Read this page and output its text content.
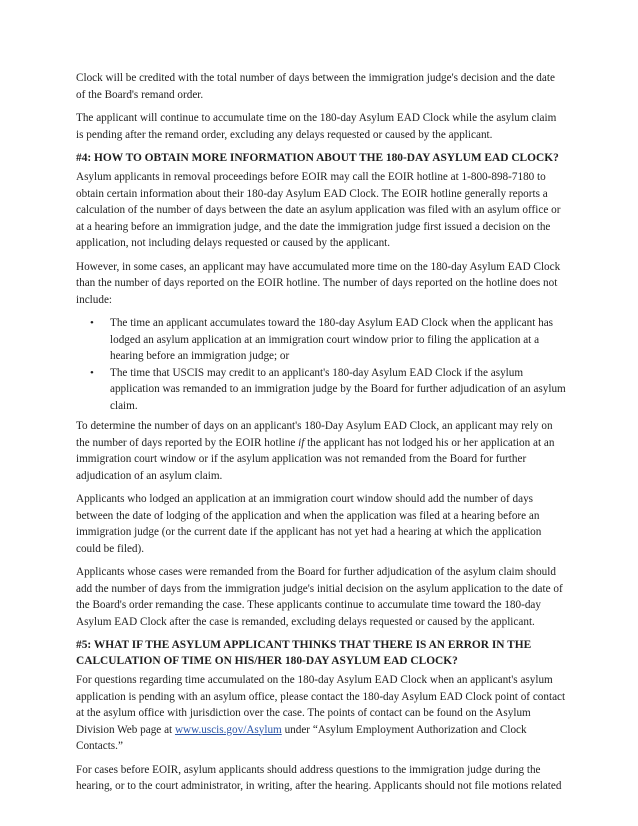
Clock will be credited with the total number of days between the immigration judge's decision and the date of the Board's remand order.

The applicant will continue to accumulate time on the 180-day Asylum EAD Clock while the asylum claim is pending after the remand order, excluding any delays requested or caused by the applicant.

#4: HOW TO OBTAIN MORE INFORMATION ABOUT THE 180-DAY ASYLUM EAD CLOCK?

Asylum applicants in removal proceedings before EOIR may call the EOIR hotline at 1-800-898-7180 to obtain certain information about their 180-day Asylum EAD Clock. The EOIR hotline generally reports a calculation of the number of days between the date an asylum application was filed with an asylum office or at a hearing before an immigration judge, and the date the immigration judge first issued a decision on the application, not including delays requested or caused by the applicant.

However, in some cases, an applicant may have accumulated more time on the 180-day Asylum EAD Clock than the number of days reported on the EOIR hotline. The number of days reported on the hotline does not include:

• The time an applicant accumulates toward the 180-day Asylum EAD Clock when the applicant has lodged an asylum application at an immigration court window prior to filing the application at a hearing before an immigration judge; or
• The time that USCIS may credit to an applicant's 180-day Asylum EAD Clock if the asylum application was remanded to an immigration judge by the Board for further adjudication of an asylum claim.

To determine the number of days on an applicant's 180-Day Asylum EAD Clock, an applicant may rely on the number of days reported by the EOIR hotline if the applicant has not lodged his or her application at an immigration court window or if the asylum application was not remanded from the Board for further adjudication of an asylum claim.

Applicants who lodged an application at an immigration court window should add the number of days between the date of lodging of the application and when the application was filed at a hearing before an immigration judge (or the current date if the applicant has not yet had a hearing at which the application could be filed).

Applicants whose cases were remanded from the Board for further adjudication of the asylum claim should add the number of days from the immigration judge's initial decision on the asylum application to the date of the Board's order remanding the case. These applicants continue to accumulate time toward the 180-day Asylum EAD Clock after the case is remanded, excluding delays requested or caused by the applicant.

#5: WHAT IF THE ASYLUM APPLICANT THINKS THAT THERE IS AN ERROR IN THE CALCULATION OF TIME ON HIS/HER 180-DAY ASYLUM EAD CLOCK?

For questions regarding time accumulated on the 180-day Asylum EAD Clock when an applicant's asylum application is pending with an asylum office, please contact the 180-day Asylum EAD Clock point of contact at the asylum office with jurisdiction over the case. The points of contact can be found on the Asylum Division Web page at www.uscis.gov/Asylum under “Asylum Employment Authorization and Clock Contacts.”

For cases before EOIR, asylum applicants should address questions to the immigration judge during the hearing, or to the court administrator, in writing, after the hearing. Applicants should not file motions related
